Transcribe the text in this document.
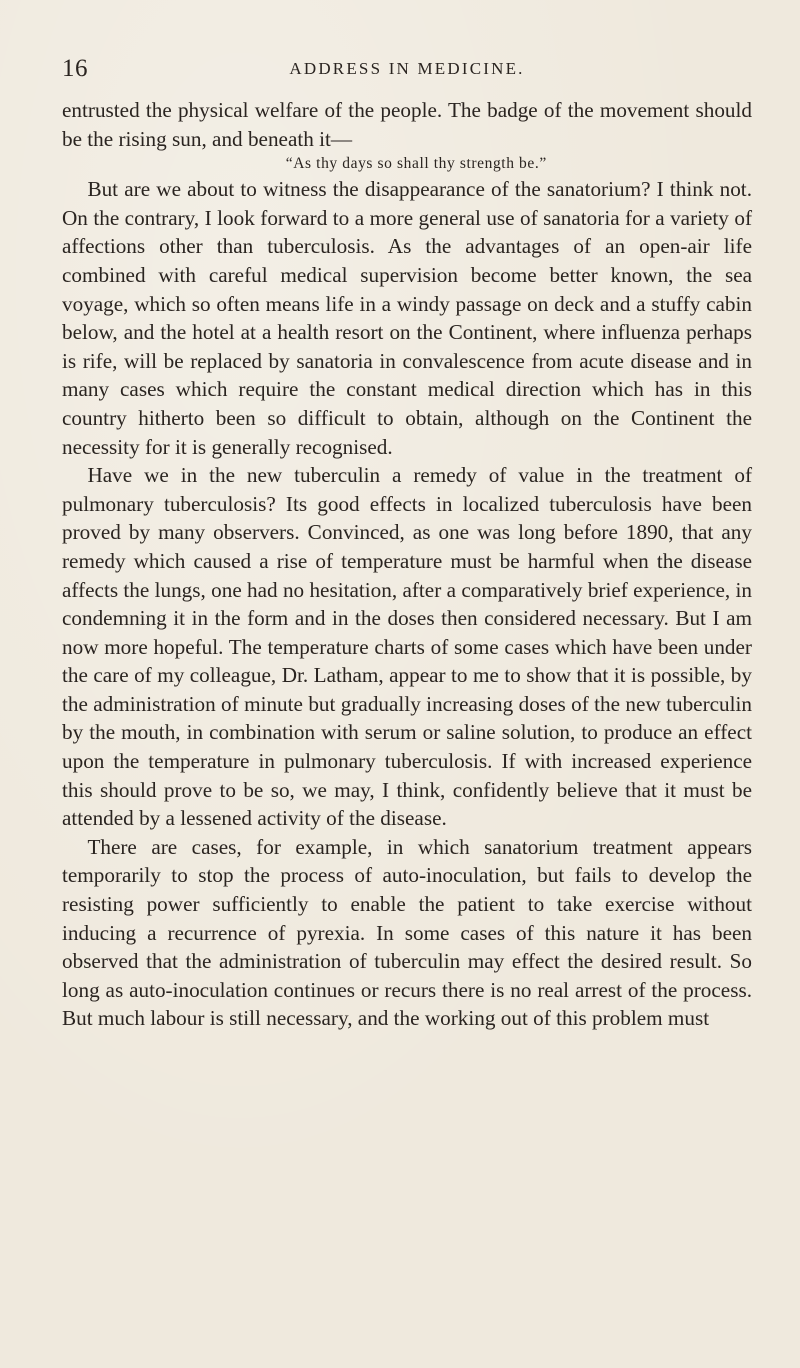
16	ADDRESS IN MEDICINE.

entrusted the physical welfare of the people. The badge of the movement should be the rising sun, and beneath it—

“As thy days so shall thy strength be.”

But are we about to witness the disappearance of the sanatorium? I think not. On the contrary, I look forward to a more general use of sanatoria for a variety of affections other than tuberculosis. As the advantages of an open-air life combined with careful medical supervision become better known, the sea voyage, which so often means life in a windy passage on deck and a stuffy cabin below, and the hotel at a health resort on the Continent, where influenza perhaps is rife, will be replaced by sanatoria in convalescence from acute disease and in many cases which require the constant medical direction which has in this country hitherto been so difficult to obtain, although on the Continent the necessity for it is generally recognised.

Have we in the new tuberculin a remedy of value in the treatment of pulmonary tuberculosis? Its good effects in localized tuberculosis have been proved by many observers. Convinced, as one was long before 1890, that any remedy which caused a rise of temperature must be harmful when the disease affects the lungs, one had no hesitation, after a comparatively brief experience, in condemning it in the form and in the doses then considered necessary. But I am now more hopeful. The temperature charts of some cases which have been under the care of my colleague, Dr. Latham, appear to me to show that it is possible, by the administration of minute but gradually increasing doses of the new tuberculin by the mouth, in combination with serum or saline solution, to produce an effect upon the temperature in pulmonary tuberculosis. If with increased experience this should prove to be so, we may, I think, confidently believe that it must be attended by a lessened activity of the disease.

There are cases, for example, in which sanatorium treatment appears temporarily to stop the process of auto-inoculation, but fails to develop the resisting power sufficiently to enable the patient to take exercise without inducing a recurrence of pyrexia. In some cases of this nature it has been observed that the administration of tuberculin may effect the desired result. So long as auto-inoculation continues or recurs there is no real arrest of the process. But much labour is still necessary, and the working out of this problem must
